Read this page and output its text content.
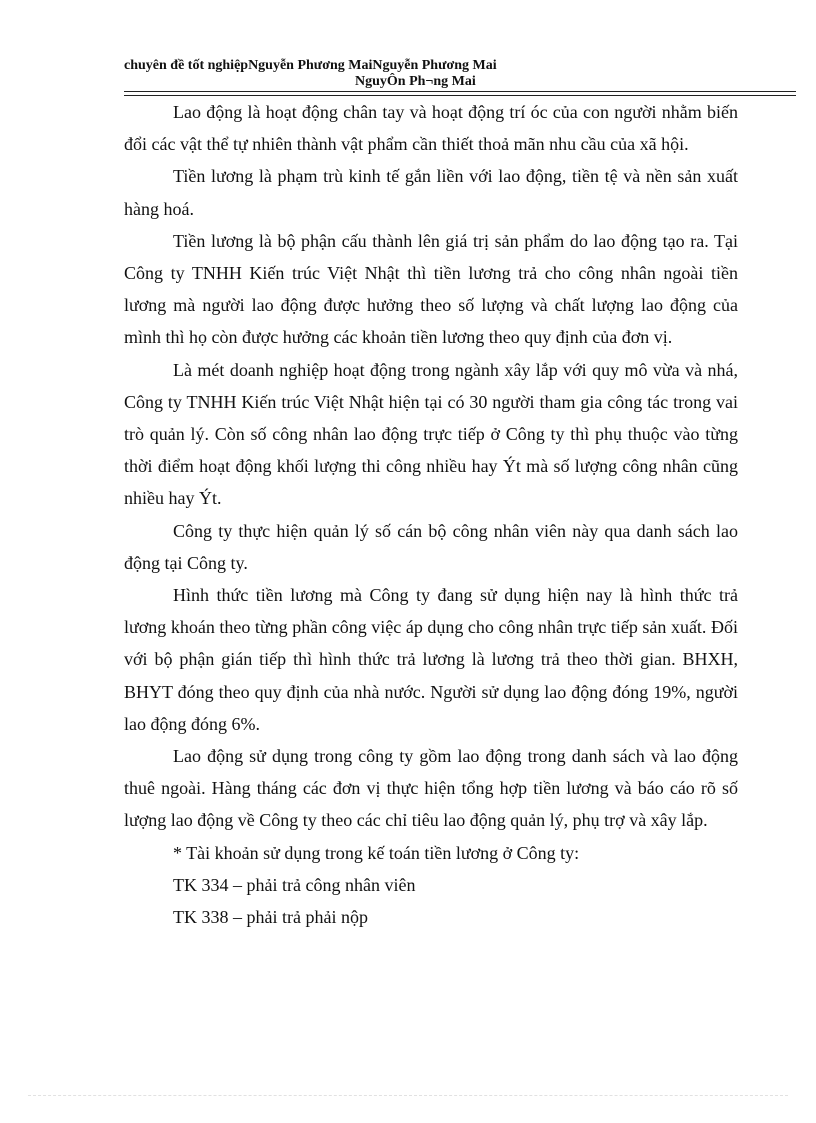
chuyên đề tốt nghiệpNguyễn Phương MaiNguyễn Phương Mai
NguyÔn Ph¬ng Mai

Lao động là hoạt động chân tay và hoạt động trí óc của con người nhằm biến đổi các vật thể tự nhiên thành vật phẩm cần thiết thoả mãn nhu cầu của xã hội.

Tiền lương là phạm trù kinh tế gắn liền với lao động, tiền tệ và nền sản xuất hàng hoá.

Tiền lương là bộ phận cấu thành lên giá trị sản phẩm do lao động tạo ra. Tại Công ty TNHH Kiến trúc Việt Nhật thì tiền lương trả cho công nhân ngoài tiền lương mà người lao động được hưởng theo số lượng và chất lượng lao động của mình thì họ còn được hưởng các khoản tiền lương theo quy định của đơn vị.

Là mét doanh nghiệp hoạt động trong ngành xây lắp với quy mô vừa và nhá, Công ty TNHH Kiến trúc Việt Nhật hiện tại có 30 người tham gia công tác trong vai trò quản lý. Còn số công nhân lao động trực tiếp ở Công ty thì phụ thuộc vào từng thời điểm hoạt động khối lượng thi công nhiều hay Ýt mà số lượng công nhân cũng nhiều hay Ýt.

Công ty thực hiện quản lý số cán bộ công nhân viên này qua danh sách lao động tại Công ty.

Hình thức tiền lương mà Công ty đang sử dụng hiện nay là hình thức trả lương khoán theo từng phần công việc áp dụng cho công nhân trực tiếp sản xuất. Đối với bộ phận gián tiếp thì hình thức trả lương là lương trả theo thời gian. BHXH, BHYT đóng theo quy định của nhà nước. Người sử dụng lao động đóng 19%, người lao động đóng 6%.

Lao động sử dụng trong công ty gồm lao động trong danh sách và lao động thuê ngoài. Hàng tháng các đơn vị thực hiện tổng hợp tiền lương và báo cáo rõ số lượng lao động về Công ty theo các chỉ tiêu lao động quản lý, phụ trợ và xây lắp.

* Tài khoản sử dụng trong kế toán tiền lương ở Công ty:

TK 334 – phải trả công nhân viên

TK 338 – phải trả phải nộp
